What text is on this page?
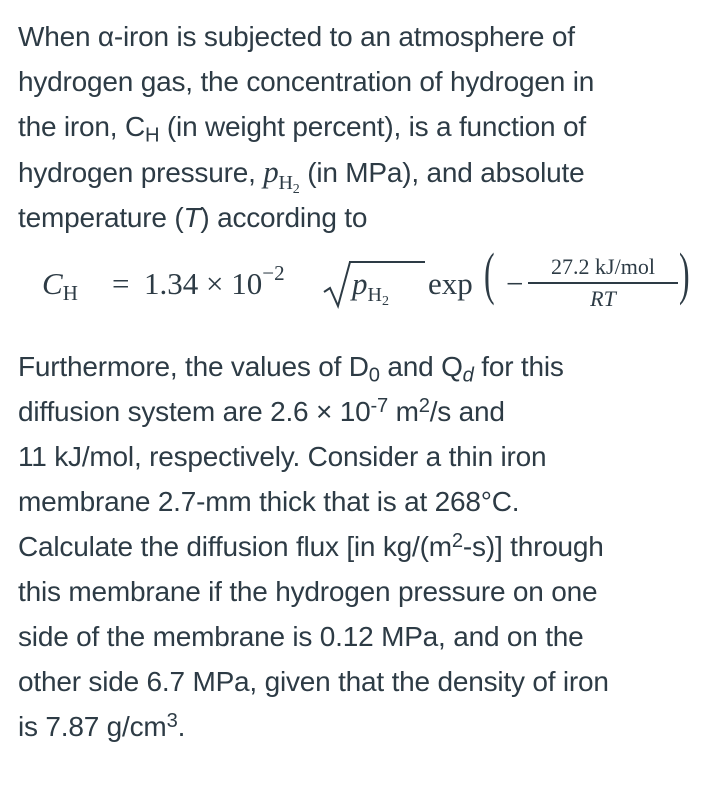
When α-iron is subjected to an atmosphere of
hydrogen gas, the concentration of hydrogen in
the iron, $C_H$ (in weight percent), is a function of
hydrogen pressure, $p_{H_2}$ (in MPa), and absolute
temperature (T) according to

CH = $1.34 \times 10^{-2}$ $p_{H_2}$
exp ( −	27.2 kJ/mol
RT	)

Furthermore, the values of $D_0$ and $Q_d$ for this
diffusion system are $2.6 \times 10^{-7}$ $m^2/s$ and
11 kJ/mol, respectively. Consider a thin iron
membrane 2.7-mm thick that is at 268°C.
Calculate the diffusion flux [in $kg/(m^2-s)$] through
this membrane if the hydrogen pressure on one
side of the membrane is 0.12 MPa, and on the
other side 6.7 MPa, given that the density of iron
is 7.87 $g/cm^3$.
